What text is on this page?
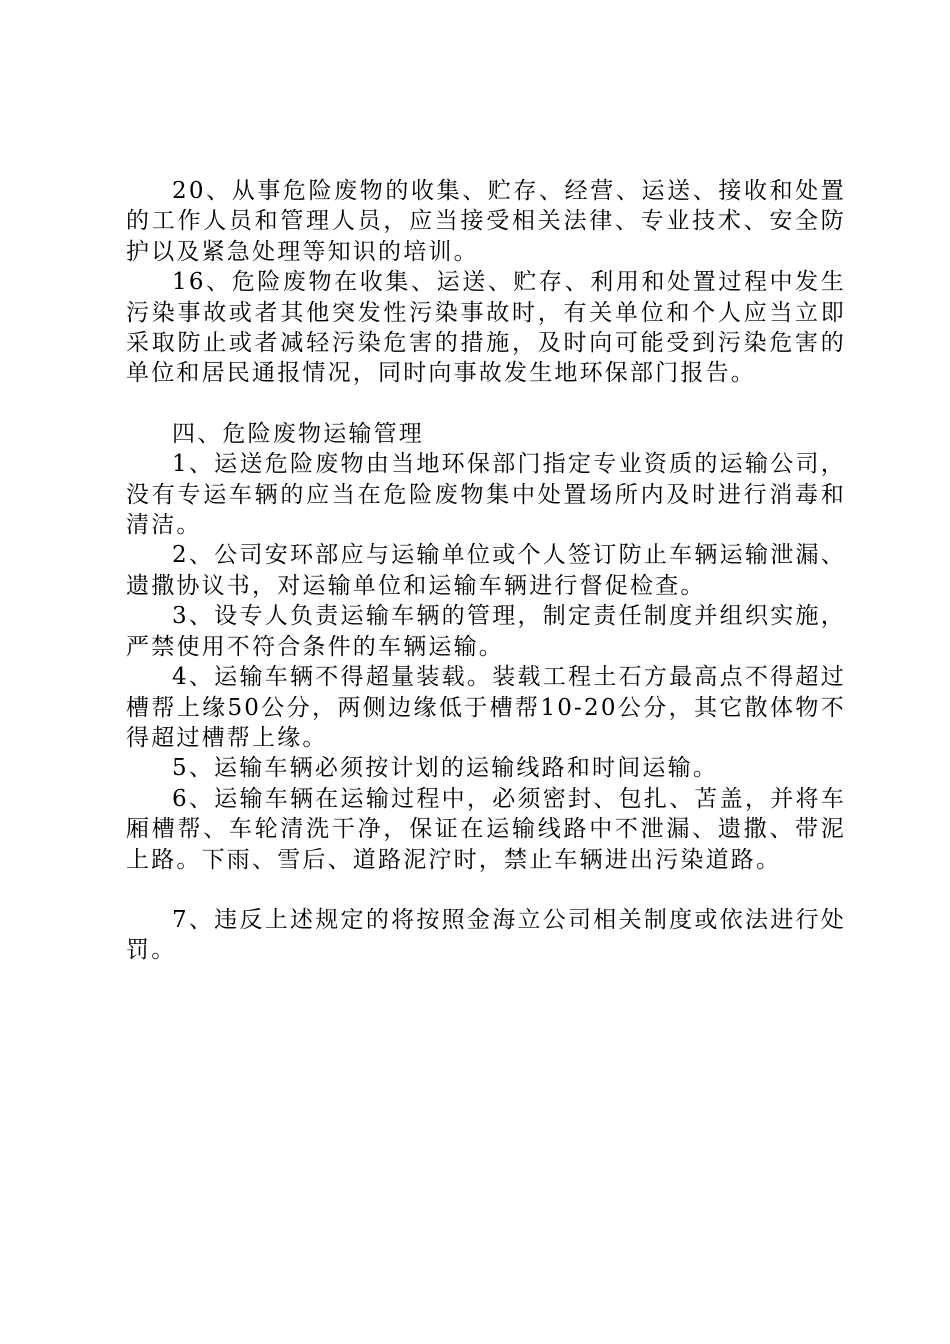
20、从事危险废物的收集、贮存、经营、运送、接收和处置的工作人员和管理人员，应当接受相关法律、专业技术、安全防护以及紧急处理等知识的培训。

16、危险废物在收集、运送、贮存、利用和处置过程中发生污染事故或者其他突发性污染事故时，有关单位和个人应当立即采取防止或者减轻污染危害的措施，及时向可能受到污染危害的单位和居民通报情况，同时向事故发生地环保部门报告。

四、危险废物运输管理

1、运送危险废物由当地环保部门指定专业资质的运输公司，没有专运车辆的应当在危险废物集中处置场所内及时进行消毒和清洁。

2、公司安环部应与运输单位或个人签订防止车辆运输泄漏、遗撒协议书，对运输单位和运输车辆进行督促检查。

3、设专人负责运输车辆的管理，制定责任制度并组织实施，严禁使用不符合条件的车辆运输。

4、运输车辆不得超量装载。装载工程土石方最高点不得超过槽帮上缘50公分，两侧边缘低于槽帮10-20公分，其它散体物不得超过槽帮上缘。

5、运输车辆必须按计划的运输线路和时间运输。

6、运输车辆在运输过程中，必须密封、包扎、苫盖，并将车厢槽帮、车轮清洗干净，保证在运输线路中不泄漏、遗撒、带泥上路。下雨、雪后、道路泥泞时，禁止车辆进出污染道路。

7、违反上述规定的将按照金海立公司相关制度或依法进行处罚。
